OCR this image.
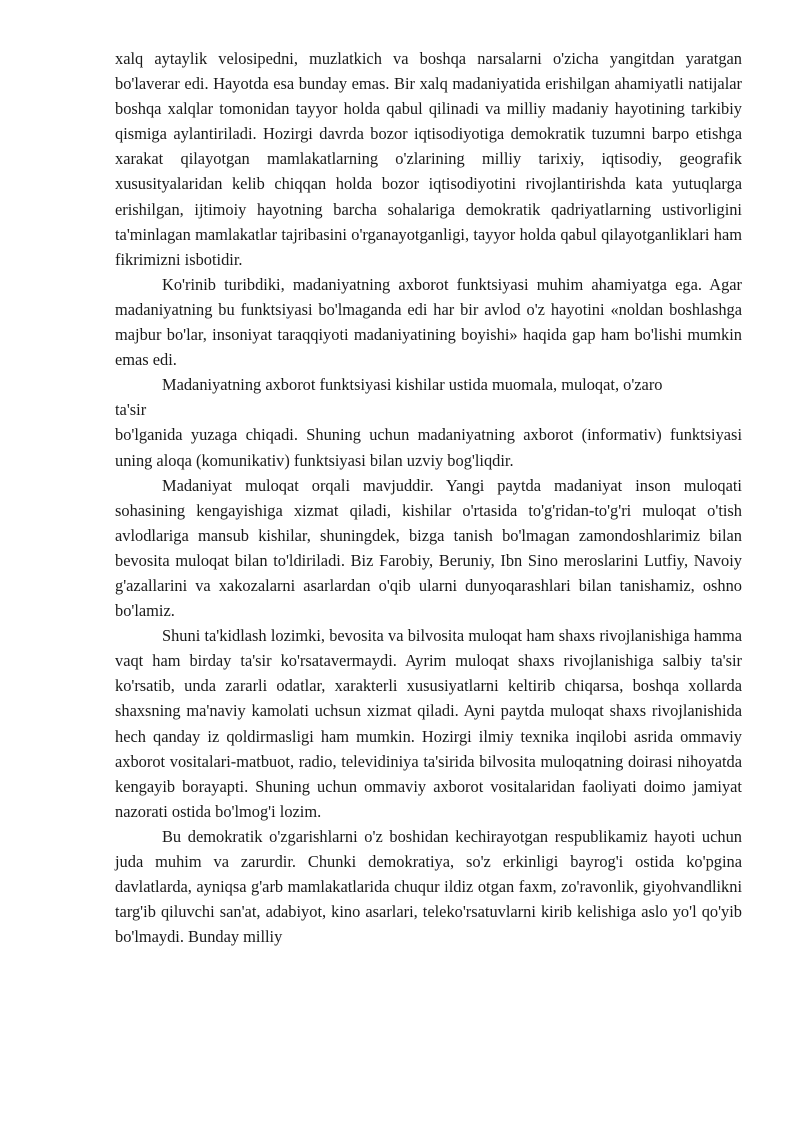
xalq aytaylik velosipedni, muzlatkich va boshqa narsalarni o'zicha yangitdan yaratgan bo'laverar edi. Hayotda esa bunday emas. Bir xalq madaniyatida erishilgan ahamiyatli natijalar boshqa xalqlar tomonidan tayyor holda qabul qilinadi va milliy madaniy hayotining tarkibiy qismiga aylantiriladi. Hozirgi davrda bozor iqtisodiyotiga demokratik tuzumni barpo etishga xarakat qilayotgan mamlakatlarning o'zlarining milliy tarixiy, iqtisodiy, geografik xususityalaridan kelib chiqqan holda bozor iqtisodiyotini rivojlantirishda kata yutuqlarga erishilgan, ijtimoiy hayotning barcha sohalariga demokratik qadriyatlarning ustivorligini ta'minlagan mamlakatlar tajribasini o'rganayotganligi, tayyor holda qabul qilayotganliklari ham fikrimizni isbotidir.

Ko'rinib turibdiki, madaniyatning axborot funktsiyasi muhim ahamiyatga ega. Agar madaniyatning bu funktsiyasi bo'lmaganda edi har bir avlod o'z hayotini «noldan boshlashga majbur bo'lar, insoniyat taraqqiyoti madaniyatining boyishi» haqida gap ham bo'lishi mumkin emas edi.

Madaniyatning axborot funktsiyasi kishilar ustida muomala, muloqat, o'zaro

ta'sir

bo'lganida yuzaga chiqadi. Shuning uchun madaniyatning axborot (informativ) funktsiyasi uning aloqa (komunikativ) funktsiyasi bilan uzviy bog'liqdir.

Madaniyat muloqat orqali mavjuddir. Yangi paytda madaniyat inson muloqati sohasining kengayishiga xizmat qiladi, kishilar o'rtasida to'g'ridan-to'g'ri muloqat o'tish avlodlariga mansub kishilar, shuningdek, bizga tanish bo'lmagan zamondoshlarimiz bilan bevosita muloqat bilan to'ldiriladi. Biz Farobiy, Beruniy, Ibn Sino meroslarini Lutfiy, Navoiy g'azallarini va xakozalarni asarlardan o'qib ularni dunyoqarashlari bilan tanishamiz, oshno bo'lamiz.

Shuni ta'kidlash lozimki, bevosita va bilvosita muloqat ham shaxs rivojlanishiga hamma vaqt ham birday ta'sir ko'rsatavermaydi. Ayrim muloqat shaxs rivojlanishiga salbiy ta'sir ko'rsatib, unda zararli odatlar, xarakterli xususiyatlarni keltirib chiqarsa, boshqa xollarda shaxsning ma'naviy kamolati uchsun xizmat qiladi. Ayni paytda muloqat shaxs rivojlanishida hech qanday iz qoldirmasligi ham mumkin. Hozirgi ilmiy texnika inqilobi asrida ommaviy axborot vositalari-matbuot, radio, televidiniya ta'sirida bilvosita muloqatning doirasi nihoyatda kengayib borayapti. Shuning uchun ommaviy axborot vositalaridan faoliyati doimo jamiyat nazorati ostida bo'lmog'i lozim.

Bu demokratik o'zgarishlarni o'z boshidan kechirayotgan respublikamiz hayoti uchun juda muhim va zarurdir. Chunki demokratiya, so'z erkinligi bayrog'i ostida ko'pgina davlatlarda, ayniqsa g'arb mamlakatlarida chuqur ildiz otgan faxm, zo'ravonlik, giyohvandlikni targ'ib qiluvchi san'at, adabiyot, kino asarlari, teleko'rsatuvlarni kirib kelishiga aslo yo'l qo'yib bo'lmaydi. Bunday milliy
